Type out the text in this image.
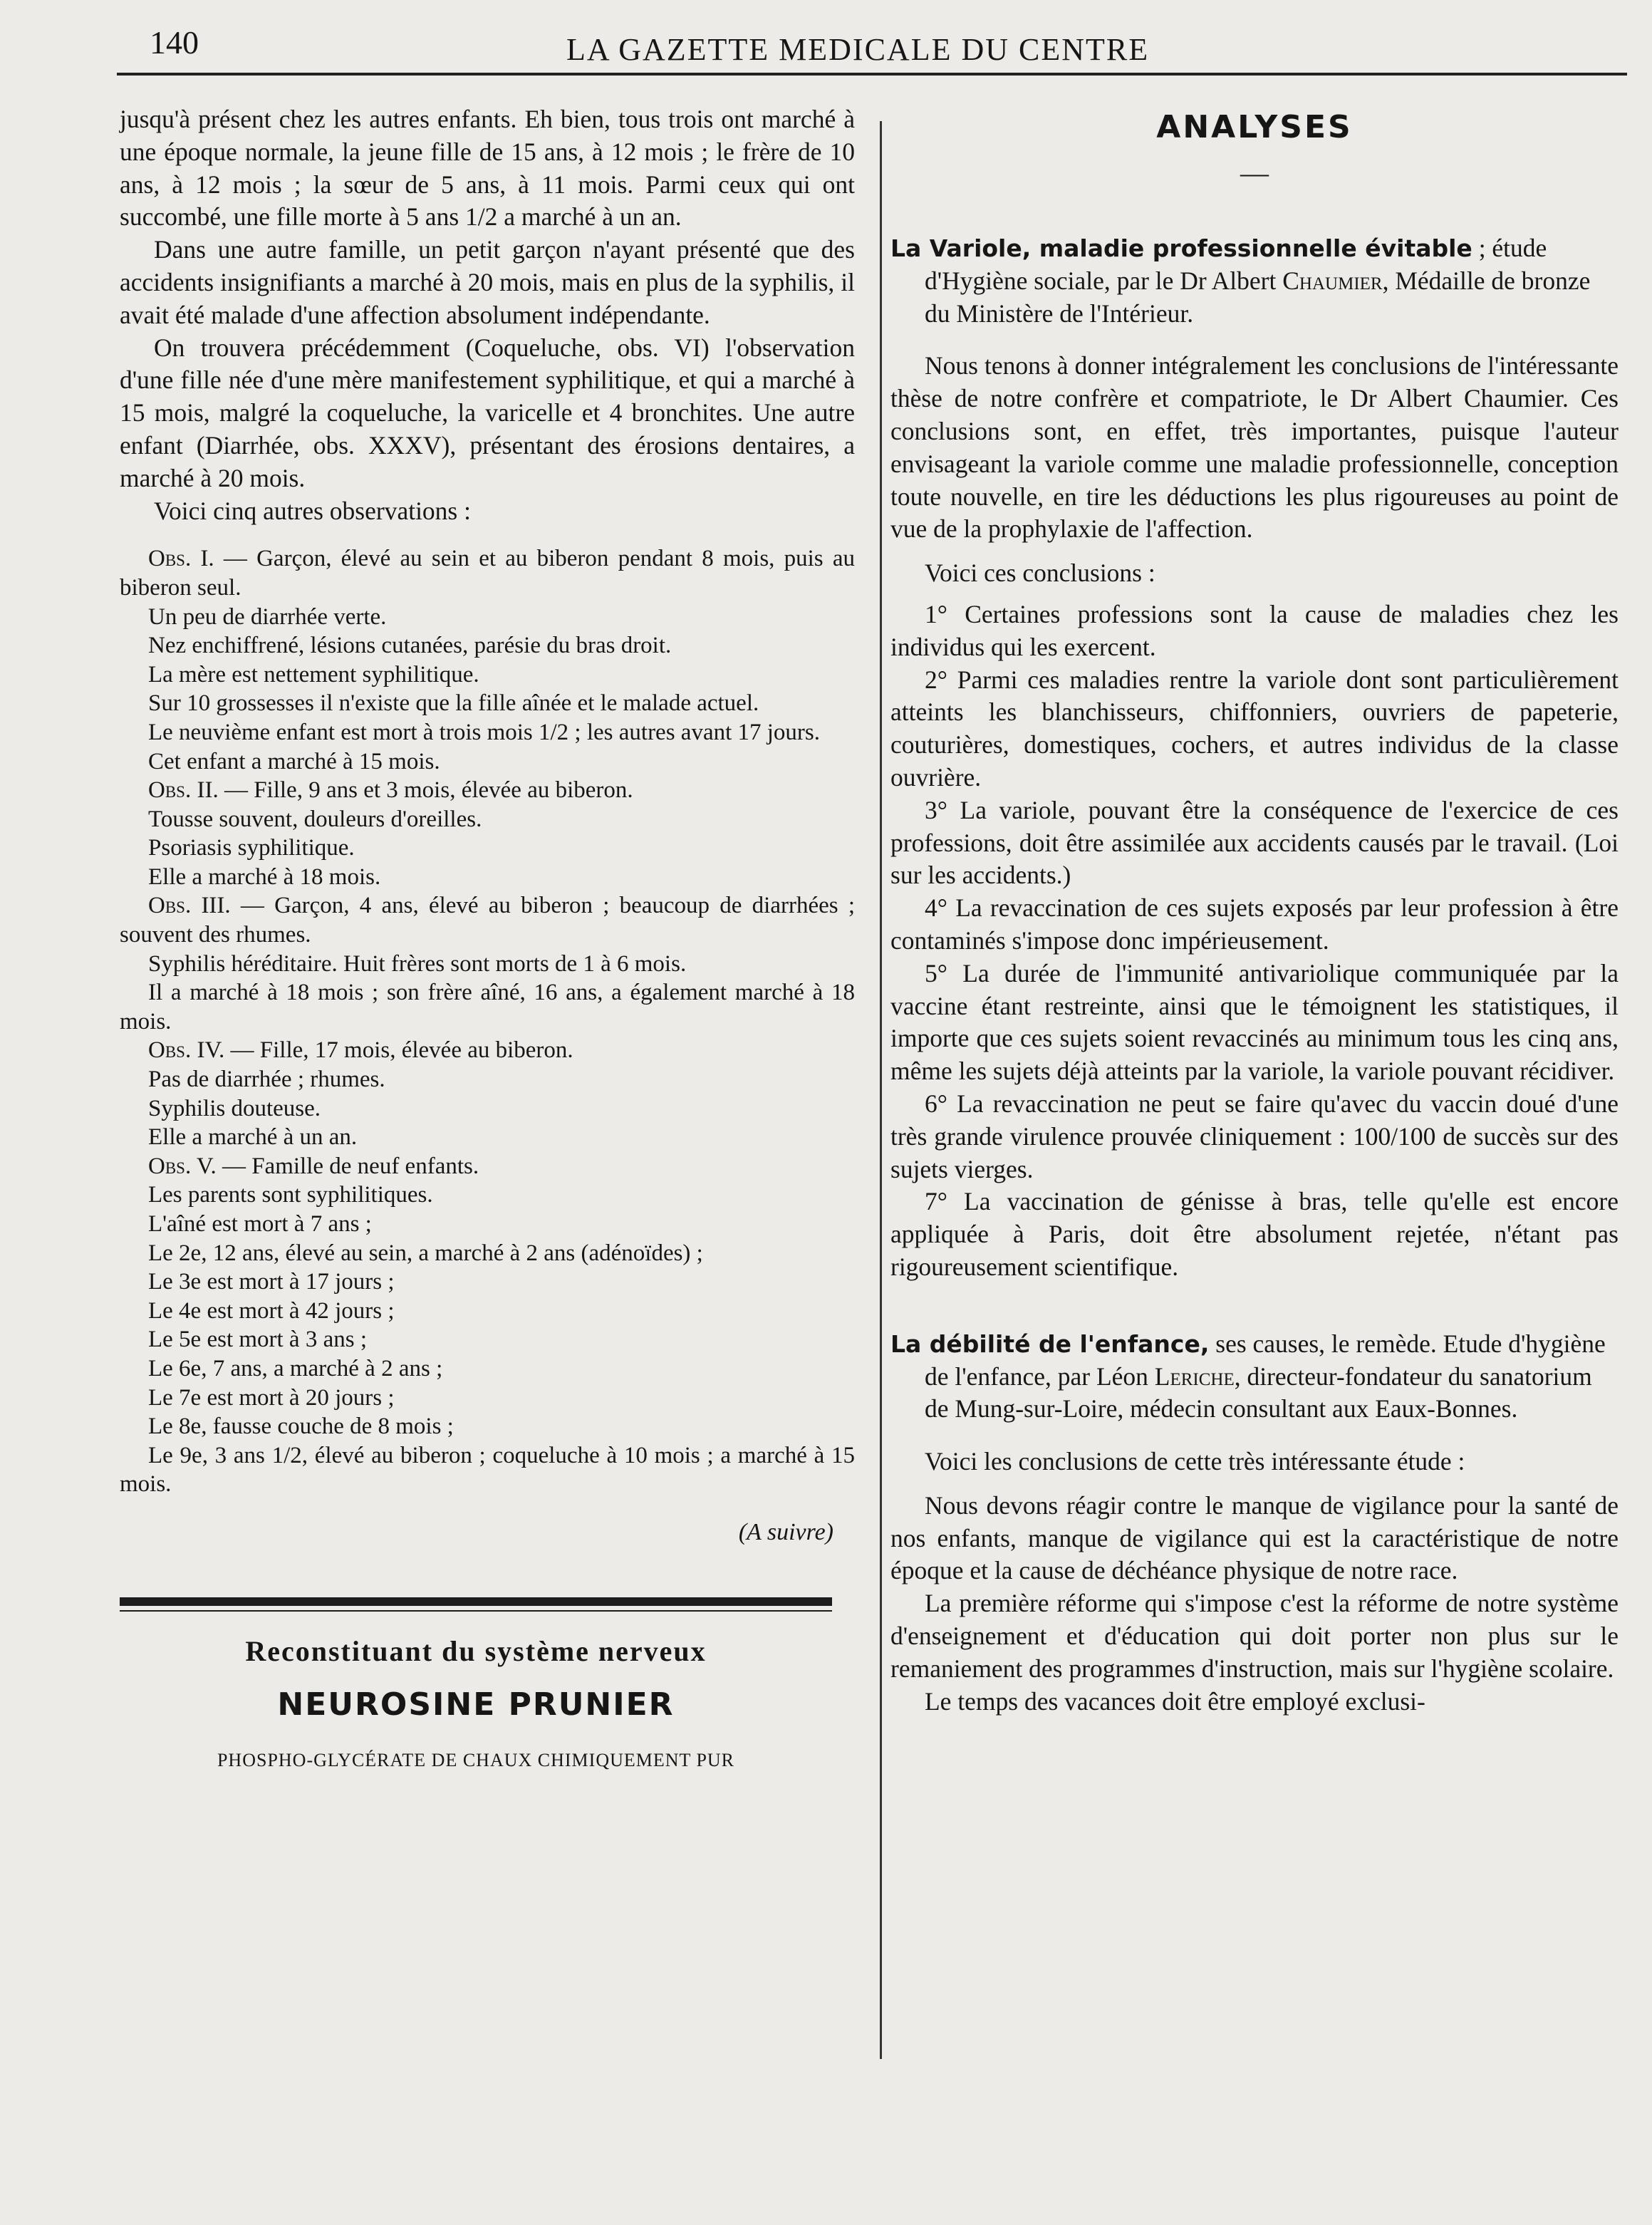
140	LA GAZETTE MEDICALE DU CENTRE

jusqu'à présent chez les autres enfants. Eh bien, tous trois ont marché à une époque normale, la jeune fille de 15 ans, à 12 mois ; le frère de 10 ans, à 12 mois ; la sœur de 5 ans, à 11 mois. Parmi ceux qui ont succombé, une fille morte à 5 ans 1/2 a marché à un an.

Dans une autre famille, un petit garçon n'ayant présenté que des accidents insignifiants a marché à 20 mois, mais en plus de la syphilis, il avait été malade d'une affection absolument indépendante.

On trouvera précédemment (Coqueluche, obs. VI) l'observation d'une fille née d'une mère manifestement syphilitique, et qui a marché à 15 mois, malgré la coqueluche, la varicelle et 4 bronchites. Une autre enfant (Diarrhée, obs. XXXV), présentant des érosions dentaires, a marché à 20 mois.

Voici cinq autres observations :

Obs. I. — Garçon, élevé au sein et au biberon pendant 8 mois, puis au biberon seul.

Un peu de diarrhée verte.

Nez enchiffrené, lésions cutanées, parésie du bras droit.

La mère est nettement syphilitique.

Sur 10 grossesses il n'existe que la fille aînée et le malade actuel.

Le neuvième enfant est mort à trois mois 1/2 ; les autres avant 17 jours.

Cet enfant a marché à 15 mois.

Obs. II. — Fille, 9 ans et 3 mois, élevée au biberon.

Tousse souvent, douleurs d'oreilles.

Psoriasis syphilitique.

Elle a marché à 18 mois.

Obs. III. — Garçon, 4 ans, élevé au biberon ; beaucoup de diarrhées ; souvent des rhumes.

Syphilis héréditaire. Huit frères sont morts de 1 à 6 mois.

Il a marché à 18 mois ; son frère aîné, 16 ans, a également marché à 18 mois.

Obs. IV. — Fille, 17 mois, élevée au biberon.

Pas de diarrhée ; rhumes.

Syphilis douteuse.

Elle a marché à un an.

Obs. V. — Famille de neuf enfants.

Les parents sont syphilitiques.

L'aîné est mort à 7 ans ;

Le 2e, 12 ans, élevé au sein, a marché à 2 ans (adénoïdes) ;

Le 3e est mort à 17 jours ;

Le 4e est mort à 42 jours ;

Le 5e est mort à 3 ans ;

Le 6e, 7 ans, a marché à 2 ans ;

Le 7e est mort à 20 jours ;

Le 8e, fausse couche de 8 mois ;

Le 9e, 3 ans 1/2, élevé au biberon ; coqueluche à 10 mois ; a marché à 15 mois.

(A suivre)

Reconstituant du système nerveux
NEUROSINE PRUNIER
PHOSPHO-GLYCÉRATE DE CHAUX CHIMIQUEMENT PUR
ANALYSES
—

La Variole, maladie professionnelle évitable ; étude d'Hygiène sociale, par le Dr Albert Chaumier, Médaille de bronze du Ministère de l'Intérieur.

Nous tenons à donner intégralement les conclusions de l'intéressante thèse de notre confrère et compatriote, le Dr Albert Chaumier. Ces conclusions sont, en effet, très importantes, puisque l'auteur envisageant la variole comme une maladie professionnelle, conception toute nouvelle, en tire les déductions les plus rigoureuses au point de vue de la prophylaxie de l'affection.

Voici ces conclusions :

1° Certaines professions sont la cause de maladies chez les individus qui les exercent.

2° Parmi ces maladies rentre la variole dont sont particulièrement atteints les blanchisseurs, chiffonniers, ouvriers de papeterie, couturières, domestiques, cochers, et autres individus de la classe ouvrière.

3° La variole, pouvant être la conséquence de l'exercice de ces professions, doit être assimilée aux accidents causés par le travail. (Loi sur les accidents.)

4° La revaccination de ces sujets exposés par leur profession à être contaminés s'impose donc impérieusement.

5° La durée de l'immunité antivariolique communiquée par la vaccine étant restreinte, ainsi que le témoignent les statistiques, il importe que ces sujets soient revaccinés au minimum tous les cinq ans, même les sujets déjà atteints par la variole, la variole pouvant récidiver.

6° La revaccination ne peut se faire qu'avec du vaccin doué d'une très grande virulence prouvée cliniquement : 100/100 de succès sur des sujets vierges.

7° La vaccination de génisse à bras, telle qu'elle est encore appliquée à Paris, doit être absolument rejetée, n'étant pas rigoureusement scientifique.

La débilité de l'enfance, ses causes, le remède. Etude d'hygiène de l'enfance, par Léon Leriche, directeur-fondateur du sanatorium de Mung-sur-Loire, médecin consultant aux Eaux-Bonnes.

Voici les conclusions de cette très intéressante étude :

Nous devons réagir contre le manque de vigilance pour la santé de nos enfants, manque de vigilance qui est la caractéristique de notre époque et la cause de déchéance physique de notre race.

La première réforme qui s'impose c'est la réforme de notre système d'enseignement et d'éducation qui doit porter non plus sur le remaniement des programmes d'instruction, mais sur l'hygiène scolaire.

Le temps des vacances doit être employé exclusi-
